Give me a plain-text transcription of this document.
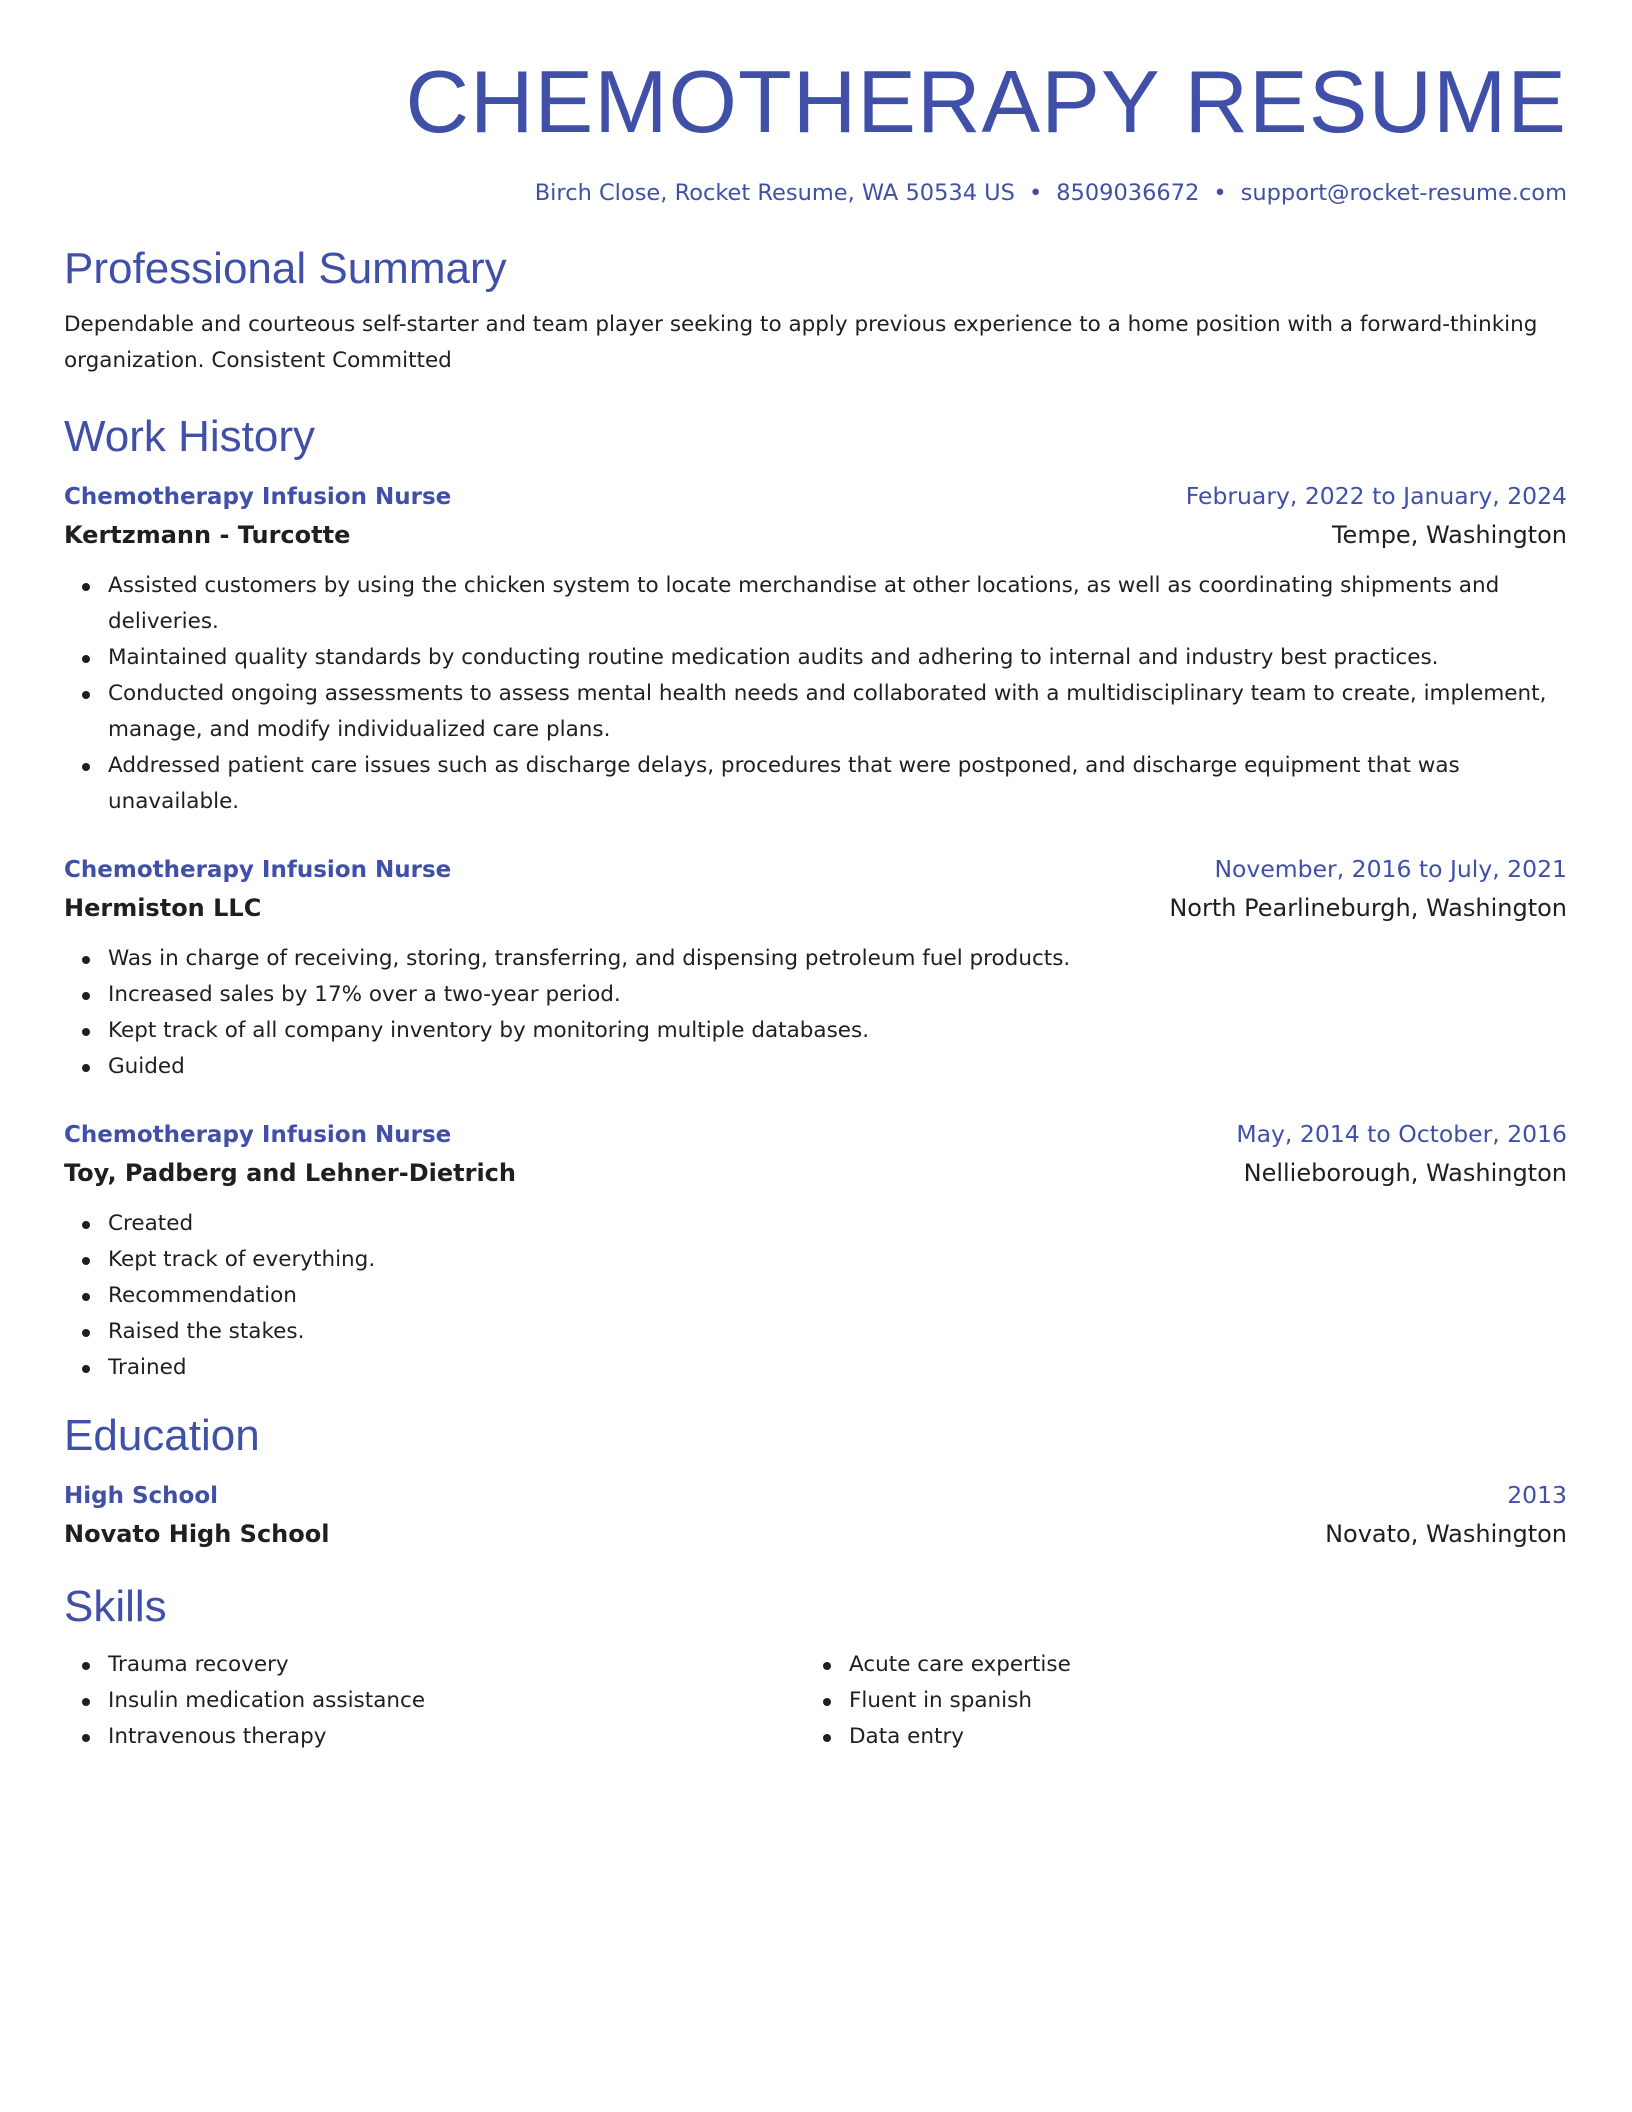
CHEMOTHERAPY RESUME
Birch Close, Rocket Resume, WA 50534 US • 8509036672 • support@rocket-resume.com
Professional Summary
Dependable and courteous self-starter and team player seeking to apply previous experience to a home position with a forward-thinking organization. Consistent Committed
Work History
Chemotherapy Infusion Nurse	February, 2022 to January, 2024
Kertzmann - Turcotte	Tempe, Washington
Assisted customers by using the chicken system to locate merchandise at other locations, as well as coordinating shipments and deliveries.
Maintained quality standards by conducting routine medication audits and adhering to internal and industry best practices.
Conducted ongoing assessments to assess mental health needs and collaborated with a multidisciplinary team to create, implement, manage, and modify individualized care plans.
Addressed patient care issues such as discharge delays, procedures that were postponed, and discharge equipment that was unavailable.
Chemotherapy Infusion Nurse	November, 2016 to July, 2021
Hermiston LLC	North Pearlineburgh, Washington
Was in charge of receiving, storing, transferring, and dispensing petroleum fuel products.
Increased sales by 17% over a two-year period.
Kept track of all company inventory by monitoring multiple databases.
Guided
Chemotherapy Infusion Nurse	May, 2014 to October, 2016
Toy, Padberg and Lehner-Dietrich	Nellieborough, Washington
Created
Kept track of everything.
Recommendation
Raised the stakes.
Trained
Education
High School	2013
Novato High School	Novato, Washington
Skills
Trauma recovery
Insulin medication assistance
Intravenous therapy
Acute care expertise
Fluent in spanish
Data entry
